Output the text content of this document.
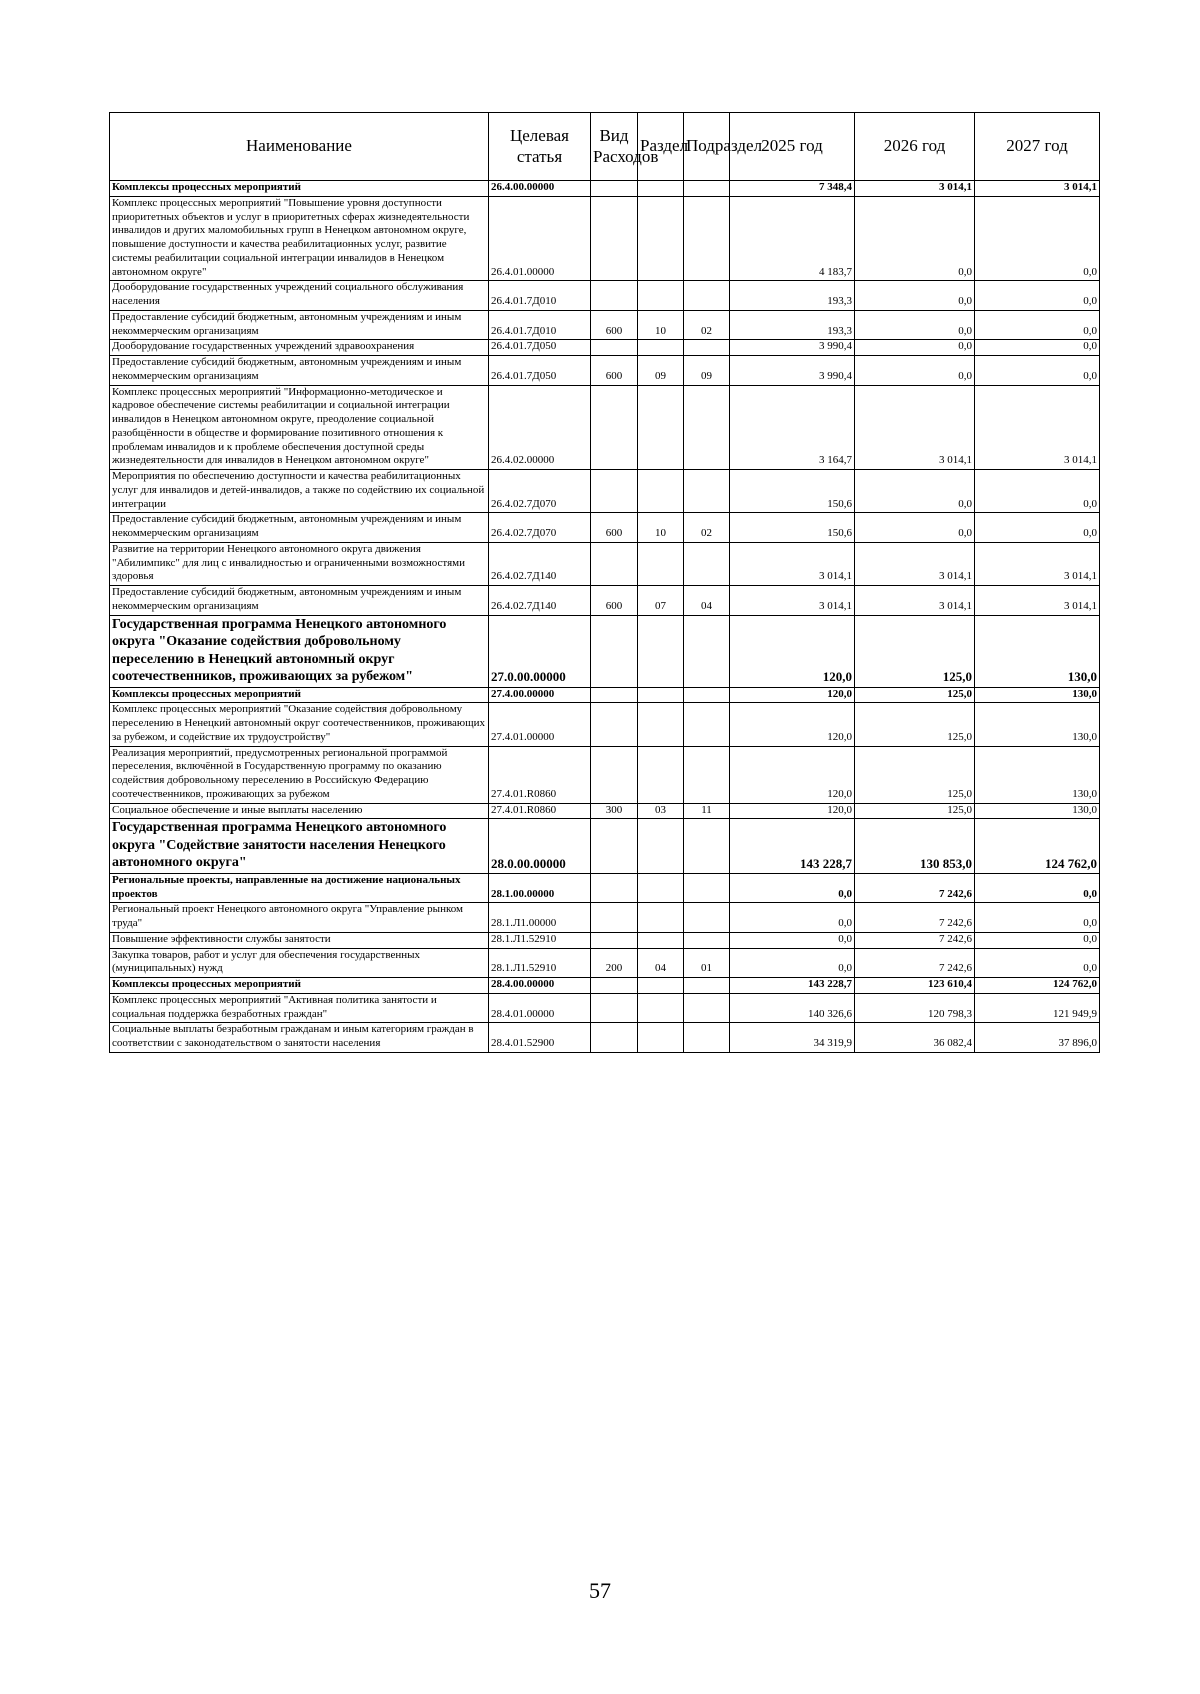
Наименование	Целевая статья	Вид Расходов	Раздел	Подраздел	2025 год	2026 год	2027 год
Комплексы процессных мероприятий	26.4.00.00000				7 348,4	3 014,1	3 014,1
Комплекс процессных мероприятий "Повышение уровня доступности приоритетных объектов и услуг в приоритетных сферах жизнедеятельности инвалидов и других маломобильных групп в Ненецком автономном округе, повышение доступности и качества реабилитационных услуг, развитие системы реабилитации социальной интеграции инвалидов в Ненецком автономном округе"	26.4.01.00000				4 183,7	0,0	0,0
Дооборудование государственных учреждений социального обслуживания населения	26.4.01.7Д010				193,3	0,0	0,0
Предоставление субсидий бюджетным, автономным учреждениям и иным некоммерческим организациям	26.4.01.7Д010	600	10	02	193,3	0,0	0,0
Дооборудование государственных учреждений здравоохранения	26.4.01.7Д050				3 990,4	0,0	0,0
Предоставление субсидий бюджетным, автономным учреждениям и иным некоммерческим организациям	26.4.01.7Д050	600	09	09	3 990,4	0,0	0,0
Комплекс процессных мероприятий "Информационно-методическое и кадровое обеспечение системы реабилитации и социальной интеграции инвалидов в Ненецком автономном округе, преодоление социальной разобщённости в обществе и формирование позитивного отношения к проблемам инвалидов и к проблеме обеспечения доступной среды жизнедеятельности для инвалидов в Ненецком автономном округе"	26.4.02.00000				3 164,7	3 014,1	3 014,1
Мероприятия по обеспечению доступности и качества реабилитационных услуг для инвалидов и детей-инвалидов, а также по содействию их социальной интеграции	26.4.02.7Д070				150,6	0,0	0,0
Предоставление субсидий бюджетным, автономным учреждениям и иным некоммерческим организациям	26.4.02.7Д070	600	10	02	150,6	0,0	0,0
Развитие на территории Ненецкого автономного округа движения "Абилимпикс" для лиц с инвалидностью и ограниченными возможностями здоровья	26.4.02.7Д140				3 014,1	3 014,1	3 014,1
Предоставление субсидий бюджетным, автономным учреждениям и иным некоммерческим организациям	26.4.02.7Д140	600	07	04	3 014,1	3 014,1	3 014,1
Государственная программа Ненецкого автономного округа "Оказание содействия добровольному переселению в Ненецкий автономный округ соотечественников, проживающих за рубежом"	27.0.00.00000				120,0	125,0	130,0
Комплексы процессных мероприятий	27.4.00.00000				120,0	125,0	130,0
Комплекс процессных мероприятий "Оказание содействия добровольному переселению в Ненецкий автономный округ соотечественников, проживающих за рубежом, и содействие их трудоустройству"	27.4.01.00000				120,0	125,0	130,0
Реализация мероприятий, предусмотренных региональной программой переселения, включённой в Государственную программу по оказанию содействия добровольному переселению в Российскую Федерацию соотечественников, проживающих за рубежом	27.4.01.R0860				120,0	125,0	130,0
Социальное обеспечение и иные выплаты населению	27.4.01.R0860	300	03	11	120,0	125,0	130,0
Государственная программа Ненецкого автономного округа "Содействие занятости населения Ненецкого автономного округа"	28.0.00.00000				143 228,7	130 853,0	124 762,0
Региональные проекты, направленные на достижение национальных проектов	28.1.00.00000				0,0	7 242,6	0,0
Региональный проект Ненецкого автономного округа "Управление рынком труда"	28.1.Л1.00000				0,0	7 242,6	0,0
Повышение эффективности службы занятости	28.1.Л1.52910				0,0	7 242,6	0,0
Закупка товаров, работ и услуг для обеспечения государственных (муниципальных) нужд	28.1.Л1.52910	200	04	01	0,0	7 242,6	0,0
Комплексы процессных мероприятий	28.4.00.00000				143 228,7	123 610,4	124 762,0
Комплекс процессных мероприятий "Активная политика занятости и социальная поддержка безработных граждан"	28.4.01.00000				140 326,6	120 798,3	121 949,9
Социальные выплаты безработным гражданам и иным категориям граждан в соответствии с законодательством о занятости населения	28.4.01.52900				34 319,9	36 082,4	37 896,0
57
